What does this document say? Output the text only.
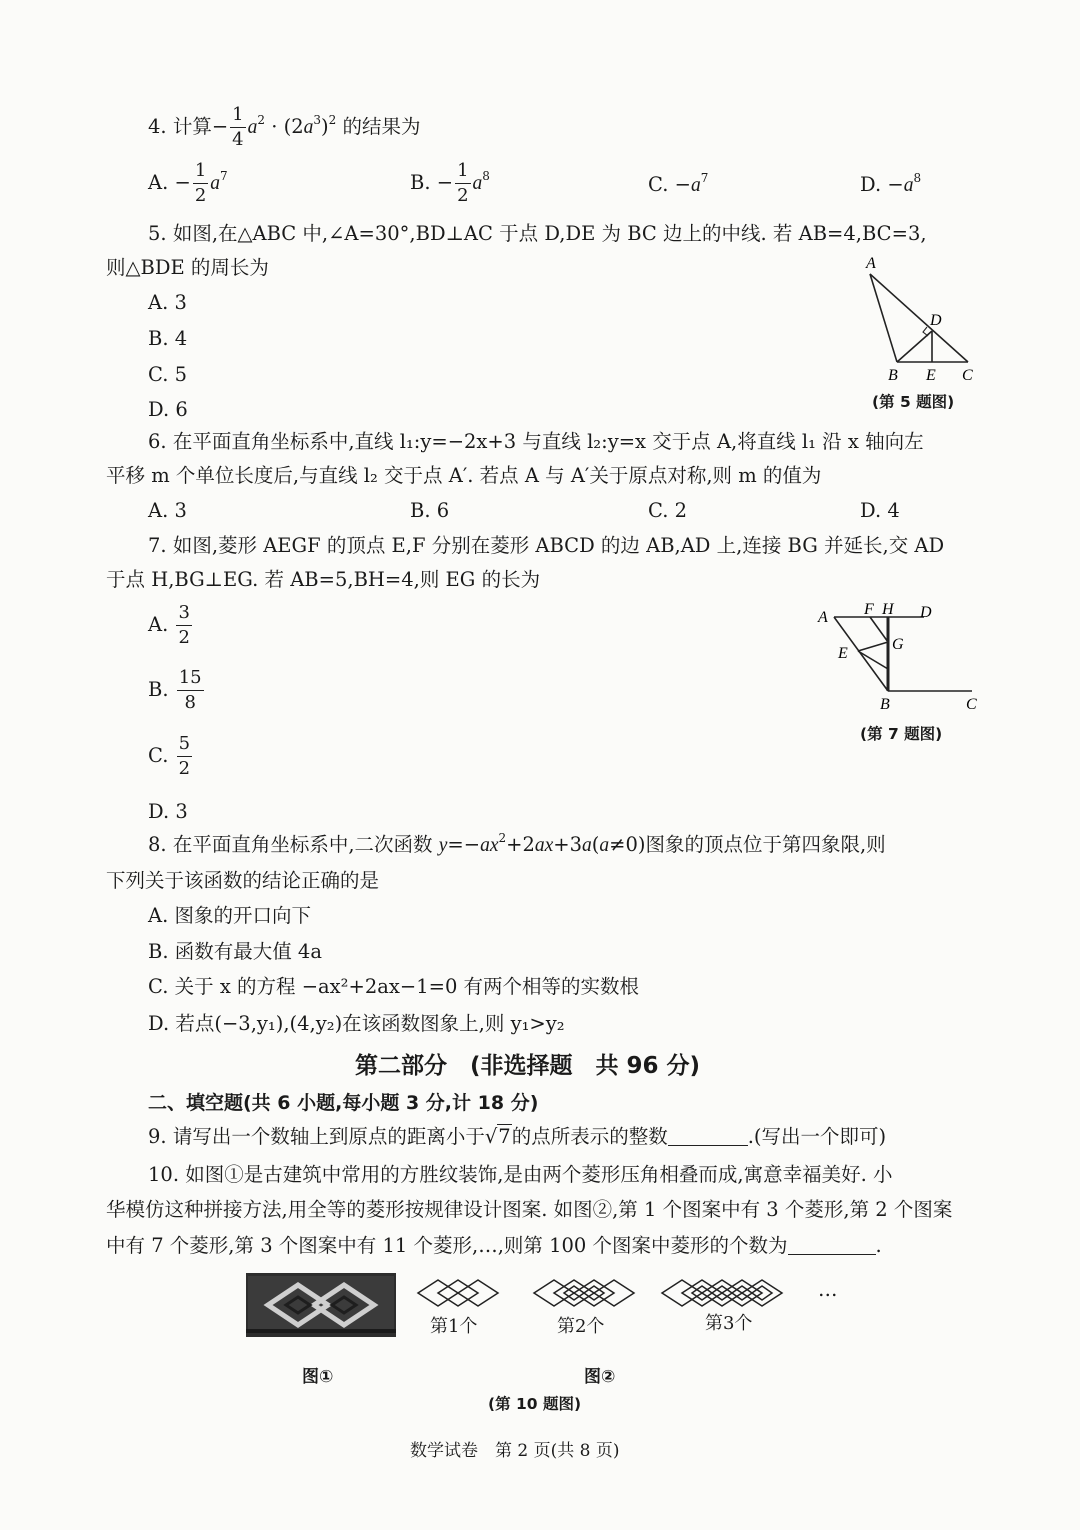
4. 计算− $\frac{1}{4} a^2 \cdot (2a^3)^2$ 的结果为
A. − $\frac{1}{2} a^7$	B. − $\frac{1}{2} a^8$	C. $-a^7$	D. $-a^8$
5. 如图,在△ABC 中,∠A=30°,BD⊥AC 于点 D,DE 为 BC 边上的中线. 若 AB=4,BC=3,
则△BDE 的周长为
A. 3
B. 4
C. 5
D. 6
A
D
B E C
(第 5 题图)
6. 在平面直角坐标系中,直线 l₁:y=−2x+3 与直线 l₂:y=x 交于点 A,将直线 l₁ 沿 x 轴向左
平移 m 个单位长度后,与直线 l₂ 交于点 A′. 若点 A 与 A′关于原点对称,则 m 的值为
A. 3	B. 6	C. 2	D. 4
7. 如图,菱形 AEGF 的顶点 E,F 分别在菱形 ABCD 的边 AB,AD 上,连接 BG 并延长,交 AD
于点 H,BG⊥EG. 若 AB=5,BH=4,则 EG 的长为
A. $\frac{3}{2}$
B. $\frac{15}{8}$
C. $\frac{5}{2}$
D. 3
A F H D
G
E
B	C
(第 7 题图)
8. 在平面直角坐标系中,二次函数 $y=-ax^2+2ax+3a(a\ne 0)$图象的顶点位于第四象限,则
下列关于该函数的结论正确的是
A. 图象的开口向下
B. 函数有最大值 4a
C. 关于 x 的方程 −ax²+2ax−1=0 有两个相等的实数根
D. 若点(−3,y₁),(4,y₂)在该函数图象上,则 y₁>y₂
第二部分　(非选择题　共 96 分)
二、填空题(共 6 小题,每小题 3 分,计 18 分)
9. 请写出一个数轴上到原点的距离小于√7的点所表示的整数	.(写出一个即可)
10. 如图①是古建筑中常用的方胜纹装饰,是由两个菱形压角相叠而成,寓意幸福美好. 小
华模仿这种拼接方法,用全等的菱形按规律设计图案. 如图②,第 1 个图案中有 3 个菱形,第 2 个图案
中有 7 个菱形,第 3 个图案中有 11 个菱形,…,则第 100 个图案中菱形的个数为	.
…
第1个	第2个	第3个
图①	图②
(第 10 题图)
数学试卷　第 2 页(共 8 页)
